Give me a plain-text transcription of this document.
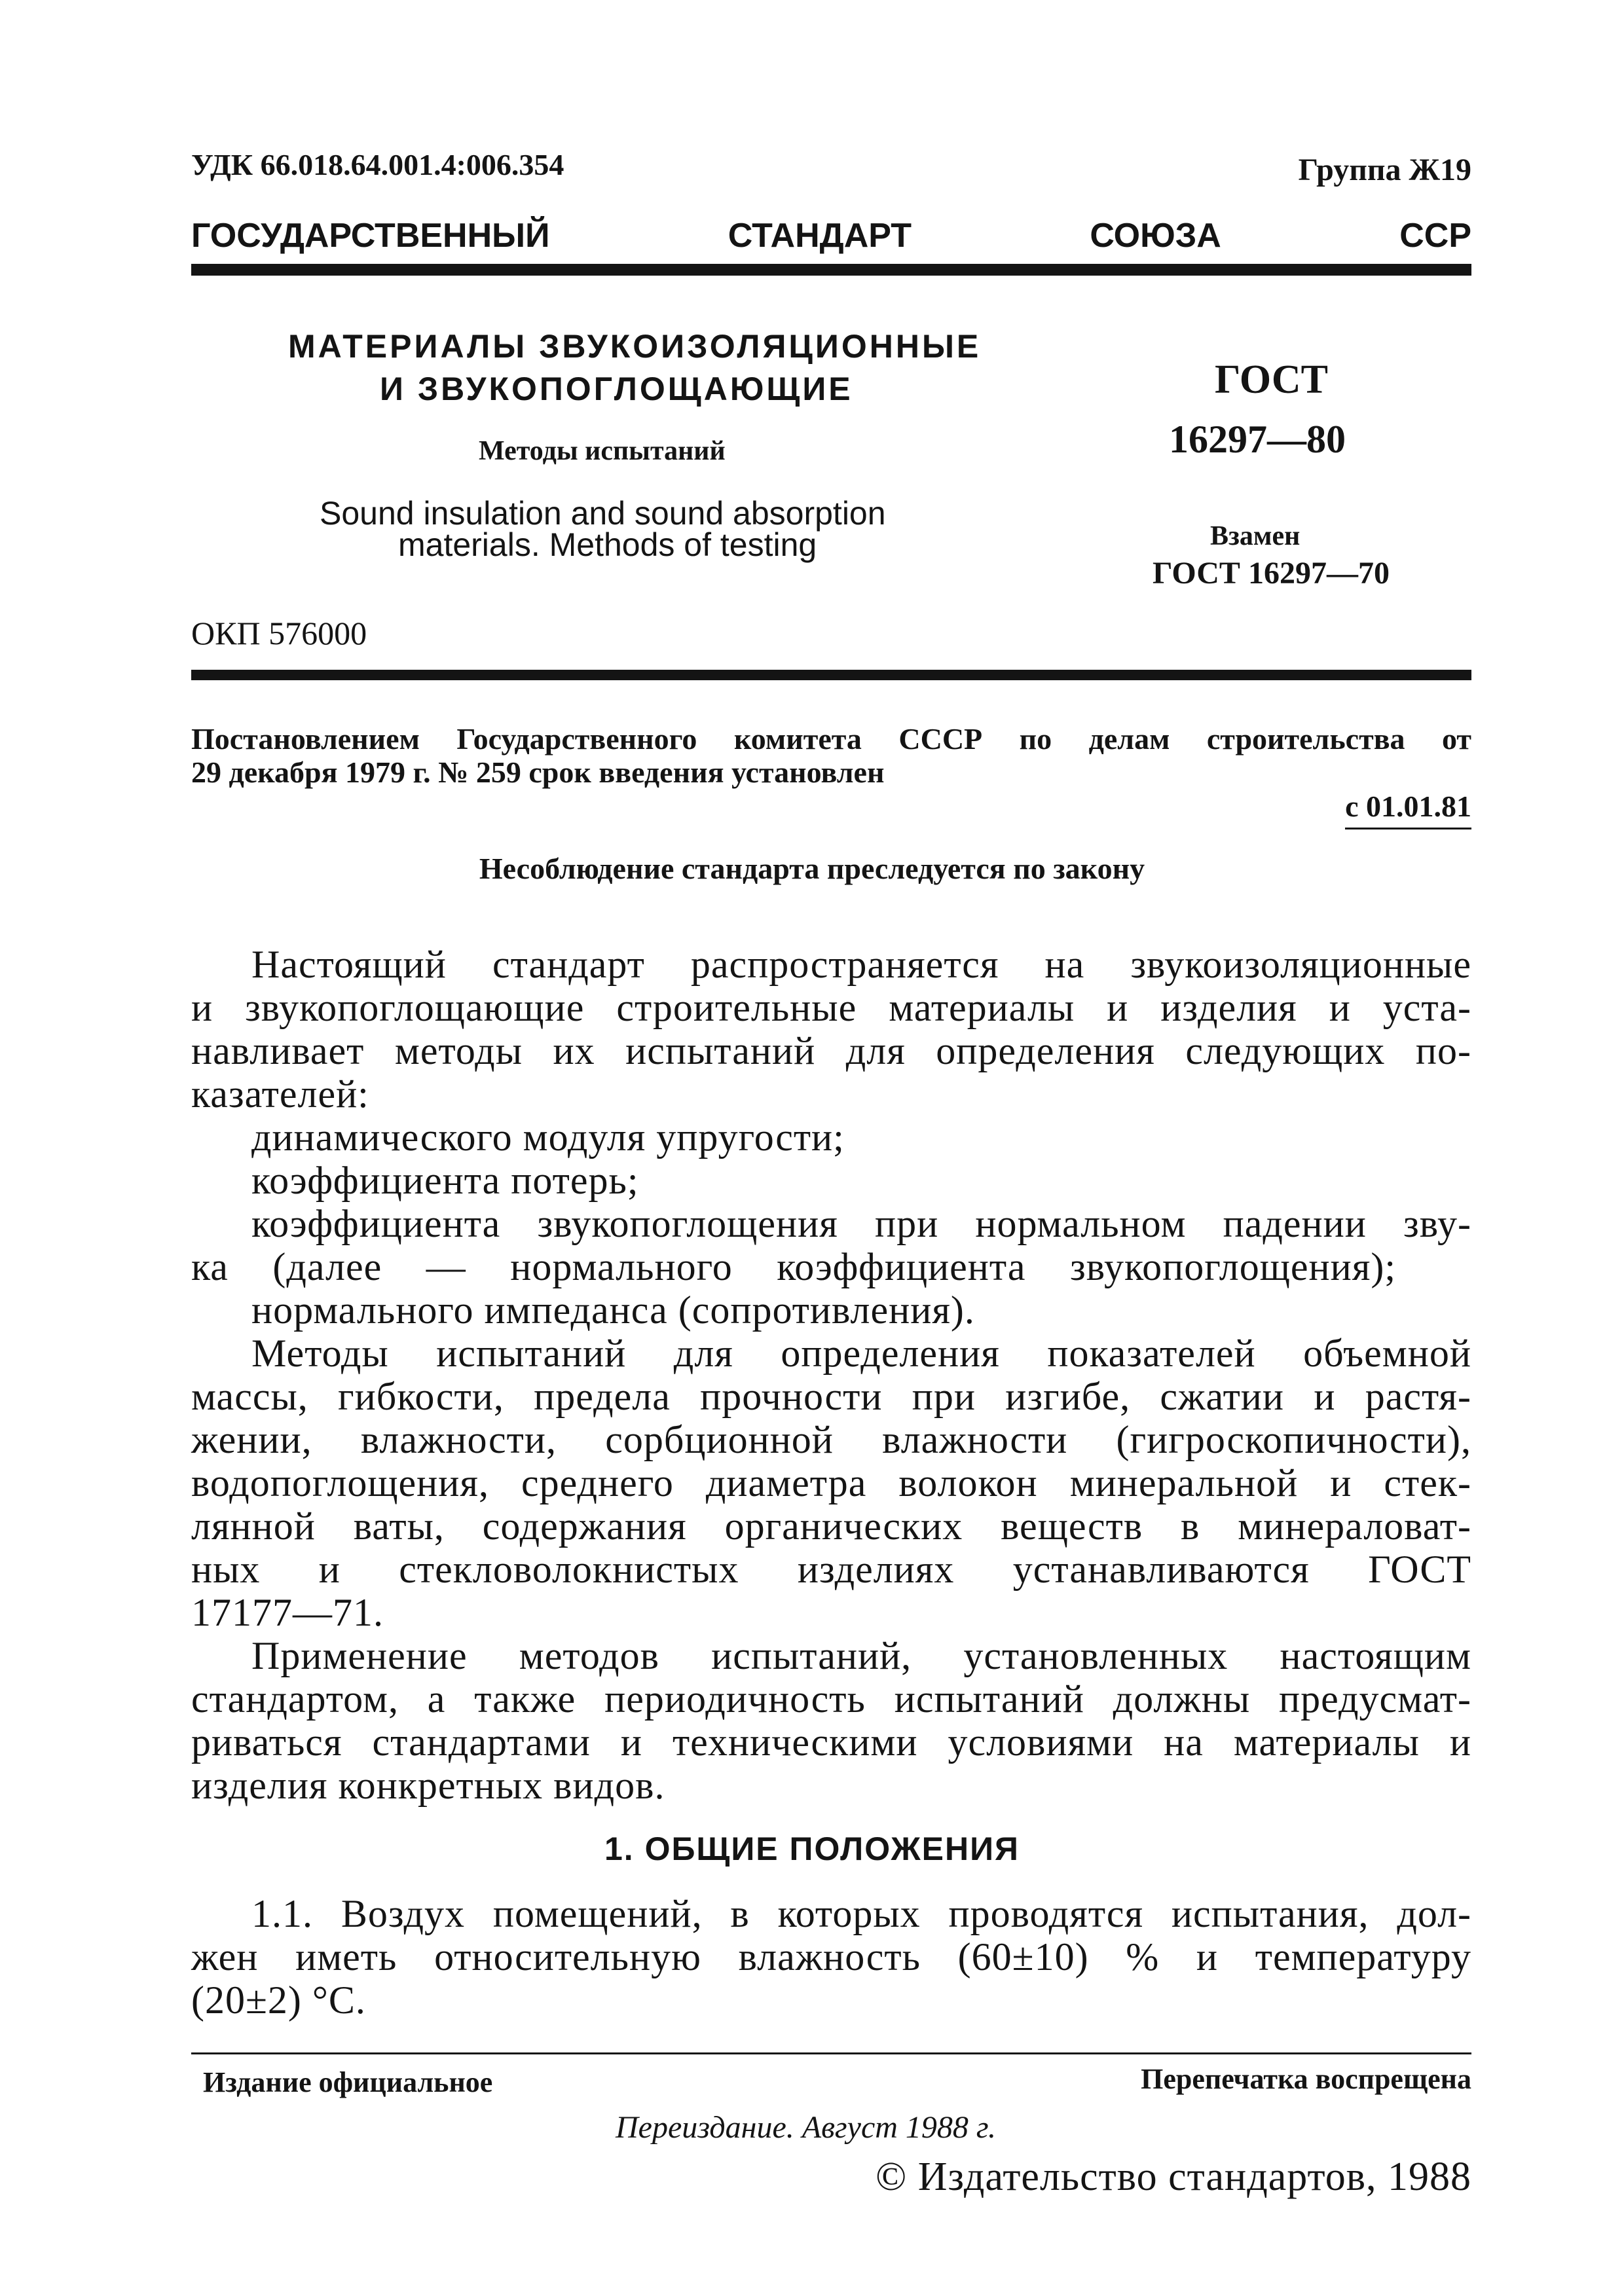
УДК 66.018.64.001.4:006.354	Группа Ж19
ГОСУДАРСТВЕННЫЙ СТАНДАРТ СОЮЗА ССР
МАТЕРИАЛЫ ЗВУКОИЗОЛЯЦИОННЫЕ
И ЗВУКОПОГЛОЩАЮЩИЕ
Методы испытаний
Sound insulation and sound absorption
materials. Methods of testing
ОКП 576000
ГОСТ
16297—80
Взамен
ГОСТ 16297—70
Постановлением Государственного комитета СССР по делам строительства от
29 декабря 1979 г. № 259 срок введения установлен
с 01.01.81
Несоблюдение стандарта преследуется по закону
Настоящий стандарт распространяется на звукоизоляционные
и звукопоглощающие строительные материалы и изделия и уста-
навливает методы их испытаний для определения следующих по-
казателей:
динамического модуля упругости;
коэффициента потерь;
коэффициента звукопоглощения при нормальном падении зву-
ка (далее — нормального коэффициента звукопоглощения);
нормального импеданса (сопротивления).
Методы испытаний для определения показателей объемной
массы, гибкости, предела прочности при изгибе, сжатии и растя-
жении, влажности, сорбционной влажности (гигроскопичности),
водопоглощения, среднего диаметра волокон минеральной и стек-
лянной ваты, содержания органических веществ в минераловат-
ных и стекловолокнистых изделиях устанавливаются ГОСТ
17177—71.
Применение методов испытаний, установленных настоящим
стандартом, а также периодичность испытаний должны предусмат-
риваться стандартами и техническими условиями на материалы и
изделия конкретных видов.
1. ОБЩИЕ ПОЛОЖЕНИЯ
1.1. Воздух помещений, в которых проводятся испытания, дол-
жен иметь относительную влажность (60±10) % и температуру
(20±2) °С.
Издание официальное	Перепечатка воспрещена
Переиздание. Август 1988 г.
© Издательство стандартов, 1988
